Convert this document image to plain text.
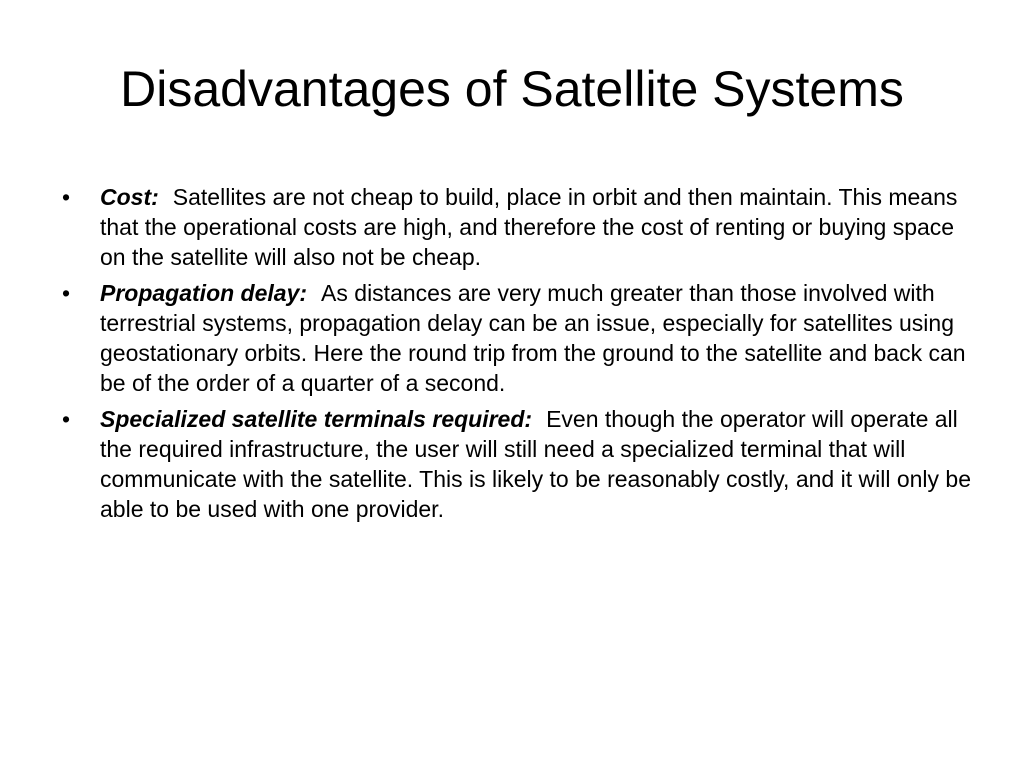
Disadvantages of Satellite Systems
• Cost: Satellites are not cheap to build, place in orbit and then maintain. This means that the operational costs are high, and therefore the cost of renting or buying space on the satellite will also not be cheap.
• Propagation delay: As distances are very much greater than those involved with terrestrial systems, propagation delay can be an issue, especially for satellites using geostationary orbits. Here the round trip from the ground to the satellite and back can be of the order of a quarter of a second.
• Specialized satellite terminals required: Even though the operator will operate all the required infrastructure, the user will still need a specialized terminal that will communicate with the satellite. This is likely to be reasonably costly, and it will only be able to be used with one provider.
